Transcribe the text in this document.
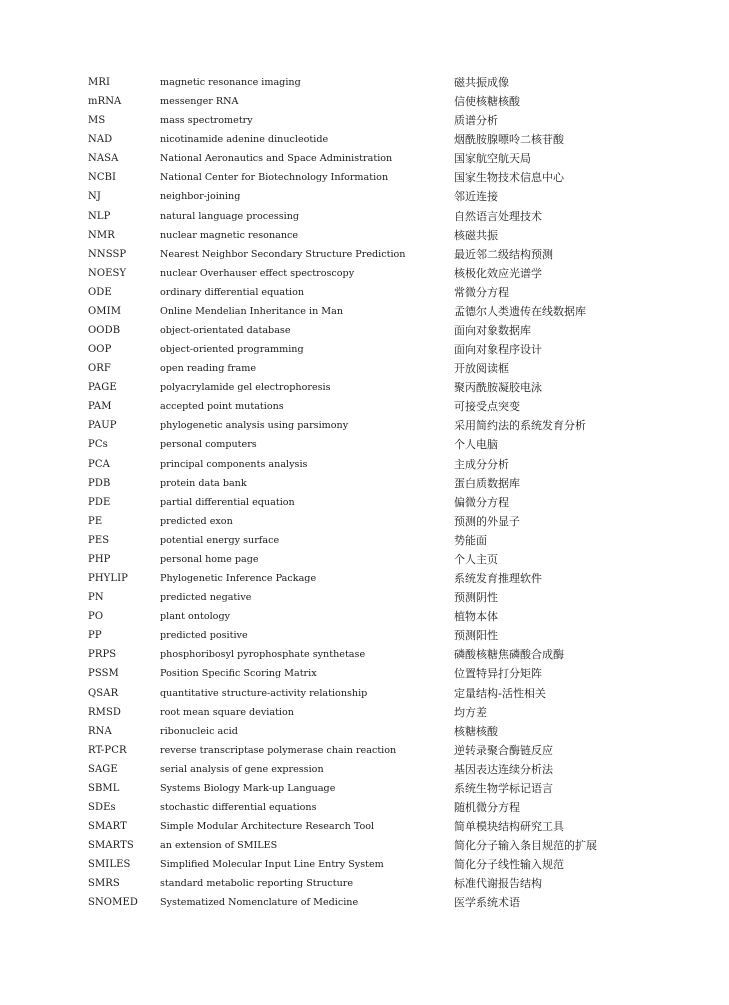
MRI	magnetic resonance imaging	磁共振成像
mRNA	messenger RNA	信使核糖核酸
MS	mass spectrometry	质谱分析
NAD	nicotinamide adenine dinucleotide	烟酰胺腺嘌呤二核苷酸
NASA	National Aeronautics and Space Administration	国家航空航天局
NCBI	National Center for Biotechnology Information	国家生物技术信息中心
NJ	neighbor-joining	邻近连接
NLP	natural language processing	自然语言处理技术
NMR	nuclear magnetic resonance	核磁共振
NNSSP	Nearest Neighbor Secondary Structure Prediction	最近邻二级结构预测
NOESY	nuclear Overhauser effect spectroscopy	核极化效应光谱学
ODE	ordinary differential equation	常微分方程
OMIM	Online Mendelian Inheritance in Man	孟德尔人类遗传在线数据库
OODB	object-orientated database	面向对象数据库
OOP	object-oriented programming	面向对象程序设计
ORF	open reading frame	开放阅读框
PAGE	polyacrylamide gel electrophoresis	聚丙酰胺凝胶电泳
PAM	accepted point mutations	可接受点突变
PAUP	phylogenetic analysis using parsimony	采用简约法的系统发育分析
PCs	personal computers	个人电脑
PCA	principal components analysis	主成分分析
PDB	protein data bank	蛋白质数据库
PDE	partial differential equation	偏微分方程
PE	predicted exon	预测的外显子
PES	potential energy surface	势能面
PHP	personal home page	个人主页
PHYLIP	Phylogenetic Inference Package	系统发育推理软件
PN	predicted negative	预测阴性
PO	plant ontology	植物本体
PP	predicted positive	预测阳性
PRPS	phosphoribosyl pyrophosphate synthetase	磷酸核糖焦磷酸合成酶
PSSM	Position Specific Scoring Matrix	位置特异打分矩阵
QSAR	quantitative structure-activity relationship	定量结构-活性相关
RMSD	root mean square deviation	均方差
RNA	ribonucleic acid	核糖核酸
RT-PCR	reverse transcriptase polymerase chain reaction	逆转录聚合酶链反应
SAGE	serial analysis of gene expression	基因表达连续分析法
SBML	Systems Biology Mark-up Language	系统生物学标记语言
SDEs	stochastic differential equations	随机微分方程
SMART	Simple Modular Architecture Research Tool	简单模块结构研究工具
SMARTS	an extension of SMILES	简化分子输入条目规范的扩展
SMILES	Simplified Molecular Input Line Entry System	简化分子线性输入规范
SMRS	standard metabolic reporting Structure	标准代谢报告结构
SNOMED Systematized Nomenclature of Medicine	医学系统术语
